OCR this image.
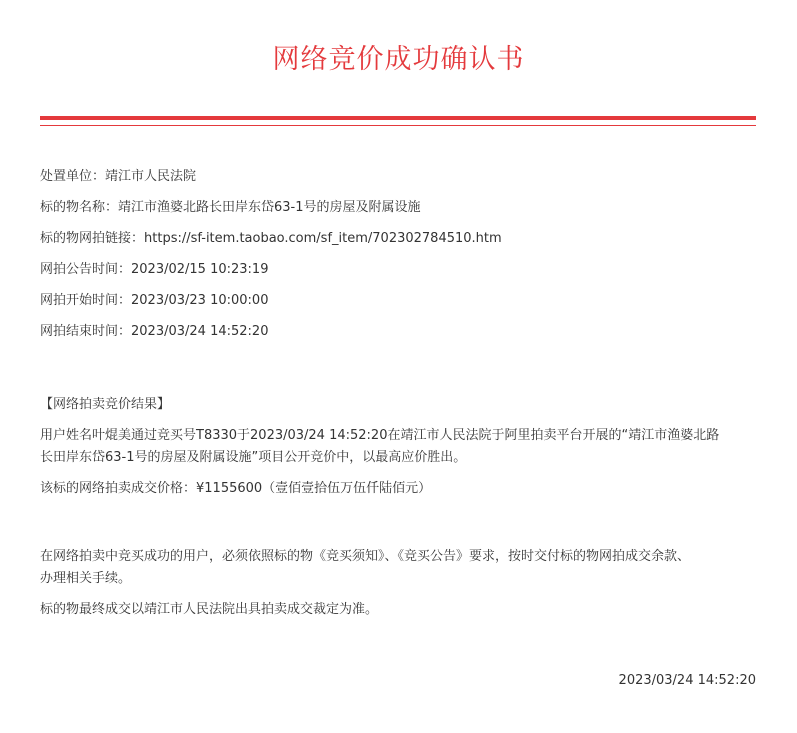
网络竞价成功确认书
处置单位：靖江市人民法院
标的物名称：靖江市渔婆北路长田岸东岱63-1号的房屋及附属设施
标的物网拍链接：https://sf-item.taobao.com/sf_item/702302784510.htm
网拍公告时间：2023/02/15 10:23:19
网拍开始时间：2023/03/23 10:00:00
网拍结束时间：2023/03/24 14:52:20
【网络拍卖竞价结果】
用户姓名叶焜美通过竞买号T8330于2023/03/24 14:52:20在靖江市人民法院于阿里拍卖平台开展的“靖江市渔婆北路
长田岸东岱63-1号的房屋及附属设施”项目公开竞价中，以最高应价胜出。
该标的网络拍卖成交价格：¥1155600（壹佰壹拾伍万伍仟陆佰元）
在网络拍卖中竞买成功的用户，必须依照标的物《竞买须知》、《竞买公告》要求，按时交付标的物网拍成交余款、
办理相关手续。
标的物最终成交以靖江市人民法院出具拍卖成交裁定为准。
2023/03/24 14:52:20
